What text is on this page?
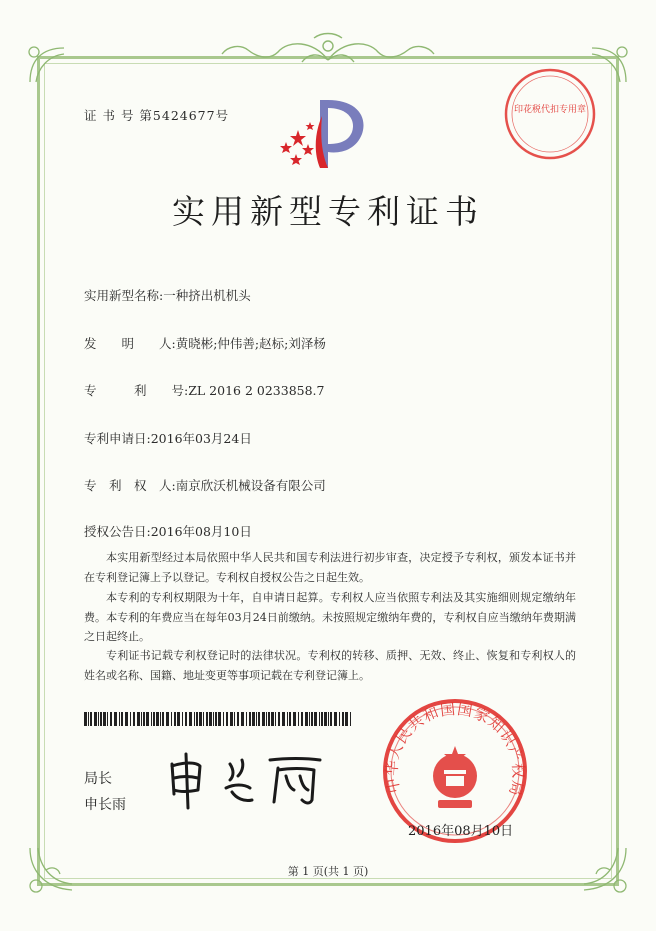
证 书 号 第5424677号	印花税代扣专用章
实用新型专利证书
实用新型名称:一种挤出机机头
发　　明　　人:黄晓彬;仲伟善;赵标;刘泽杨
专　　　利　　号:ZL 2016 2 0233858.7
专利申请日:2016年03月24日
专　利　权　人:南京欣沃机械设备有限公司
授权公告日:2016年08月10日
本实用新型经过本局依照中华人民共和国专利法进行初步审查，决定授予专利权，颁发本证书并在专利登记簿上予以登记。专利权自授权公告之日起生效。
本专利的专利权期限为十年，自申请日起算。专利权人应当依照专利法及其实施细则规定缴纳年费。本专利的年费应当在每年03月24日前缴纳。未按照规定缴纳年费的，专利权自应当缴纳年费期满之日起终止。
专利证书记载专利权登记时的法律状况。专利权的转移、质押、无效、终止、恢复和专利权人的姓名或名称、国籍、地址变更等事项记载在专利登记簿上。
局长
申长雨
中华人民共和国国家知识产权局
2016年08月10日
第 1 页(共 1 页)
